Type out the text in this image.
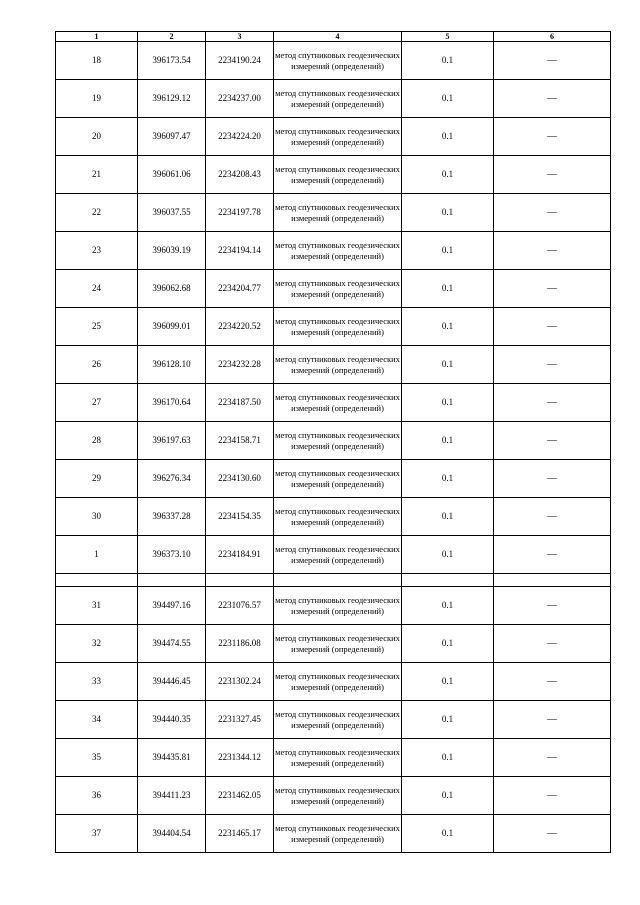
1	2	3	4	5	6
18	396173.54	2234190.24	метод спутниковых геодезических измерений (определений)	0.1	—
19	396129.12	2234237.00	метод спутниковых геодезических измерений (определений)	0.1	—
20	396097.47	2234224.20	метод спутниковых геодезических измерений (определений)	0.1	—
21	396061.06	2234208.43	метод спутниковых геодезических измерений (определений)	0.1	—
22	396037.55	2234197.78	метод спутниковых геодезических измерений (определений)	0.1	—
23	396039.19	2234194.14	метод спутниковых геодезических измерений (определений)	0.1	—
24	396062.68	2234204.77	метод спутниковых геодезических измерений (определений)	0.1	—
25	396099.01	2234220.52	метод спутниковых геодезических измерений (определений)	0.1	—
26	396128.10	2234232.28	метод спутниковых геодезических измерений (определений)	0.1	—
27	396170.64	2234187.50	метод спутниковых геодезических измерений (определений)	0.1	—
28	396197.63	2234158.71	метод спутниковых геодезических измерений (определений)	0.1	—
29	396276.34	2234130.60	метод спутниковых геодезических измерений (определений)	0.1	—
30	396337.28	2234154.35	метод спутниковых геодезических измерений (определений)	0.1	—
1	396373.10	2234184.91	метод спутниковых геодезических измерений (определений)	0.1	—

31	394497.16	2231076.57	метод спутниковых геодезических измерений (определений)	0.1	—
32	394474.55	2231186.08	метод спутниковых геодезических измерений (определений)	0.1	—
33	394446.45	2231302.24	метод спутниковых геодезических измерений (определений)	0.1	—
34	394440.35	2231327.45	метод спутниковых геодезических измерений (определений)	0.1	—
35	394435.81	2231344.12	метод спутниковых геодезических измерений (определений)	0.1	—
36	394411.23	2231462.05	метод спутниковых геодезических измерений (определений)	0.1	—
37	394404.54	2231465.17	метод спутниковых геодезических измерений (определений)	0.1	—
